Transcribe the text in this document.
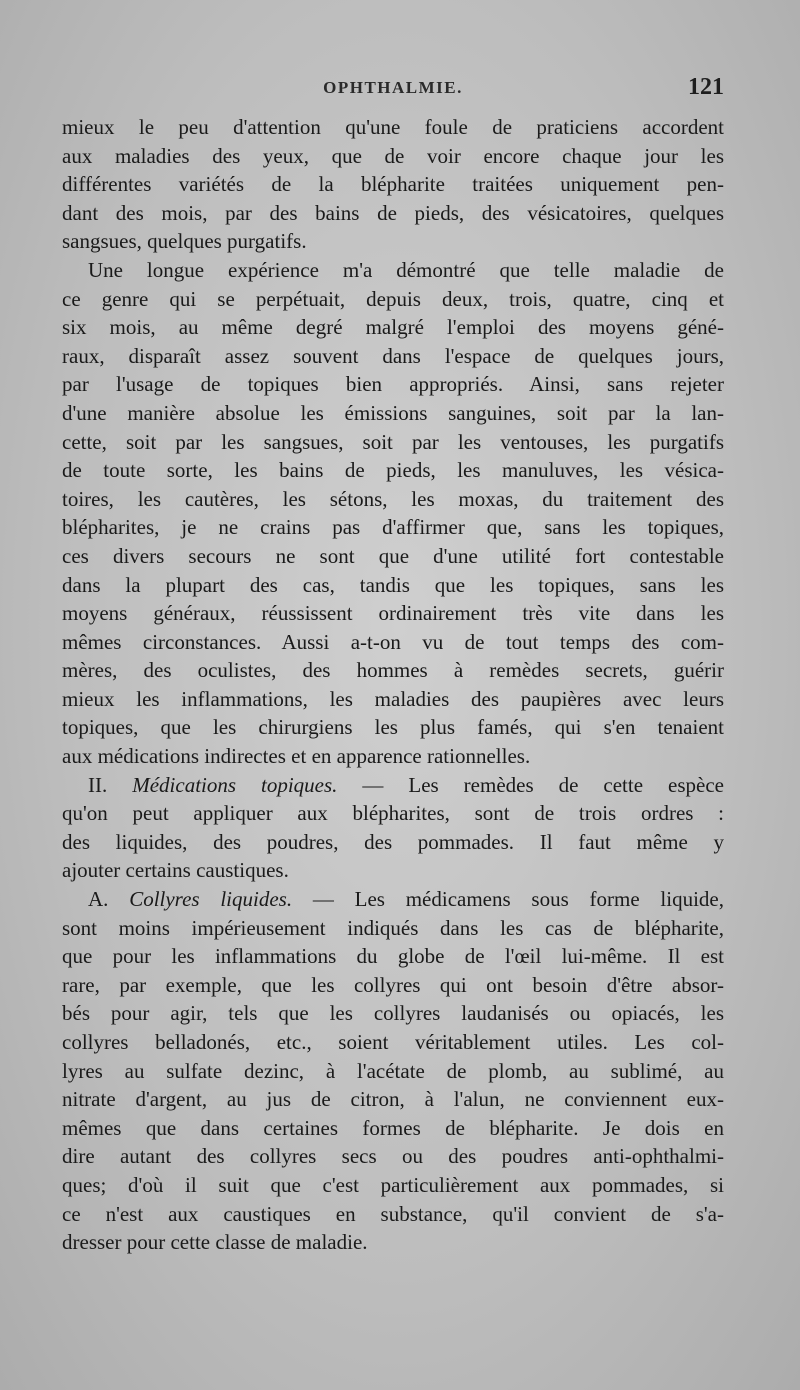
OPHTHALMIE.	121
mieux le peu d'attention qu'une foule de praticiens accordent
aux maladies des yeux, que de voir encore chaque jour les
différentes variétés de la blépharite traitées uniquement pen-
dant des mois, par des bains de pieds, des vésicatoires, quelques
sangsues, quelques purgatifs.
Une longue expérience m'a démontré que telle maladie de
ce genre qui se perpétuait, depuis deux, trois, quatre, cinq et
six mois, au même degré malgré l'emploi des moyens géné-
raux, disparaît assez souvent dans l'espace de quelques jours,
par l'usage de topiques bien appropriés. Ainsi, sans rejeter
d'une manière absolue les émissions sanguines, soit par la lan-
cette, soit par les sangsues, soit par les ventouses, les purgatifs
de toute sorte, les bains de pieds, les manuluves, les vésica-
toires, les cautères, les sétons, les moxas, du traitement des
blépharites, je ne crains pas d'affirmer que, sans les topiques,
ces divers secours ne sont que d'une utilité fort contestable
dans la plupart des cas, tandis que les topiques, sans les
moyens généraux, réussissent ordinairement très vite dans les
mêmes circonstances. Aussi a-t-on vu de tout temps des com-
mères, des oculistes, des hommes à remèdes secrets, guérir
mieux les inflammations, les maladies des paupières avec leurs
topiques, que les chirurgiens les plus famés, qui s'en tenaient
aux médications indirectes et en apparence rationnelles.
II. Médications topiques. — Les remèdes de cette espèce
qu'on peut appliquer aux blépharites, sont de trois ordres :
des liquides, des poudres, des pommades. Il faut même y
ajouter certains caustiques.
A. Collyres liquides. — Les médicamens sous forme liquide,
sont moins impérieusement indiqués dans les cas de blépharite,
que pour les inflammations du globe de l'œil lui-même. Il est
rare, par exemple, que les collyres qui ont besoin d'être absor-
bés pour agir, tels que les collyres laudanisés ou opiacés, les
collyres belladonés, etc., soient véritablement utiles. Les col-
lyres au sulfate dezinc, à l'acétate de plomb, au sublimé, au
nitrate d'argent, au jus de citron, à l'alun, ne conviennent eux-
mêmes que dans certaines formes de blépharite. Je dois en
dire autant des collyres secs ou des poudres anti-ophthalmi-
ques; d'où il suit que c'est particulièrement aux pommades, si
ce n'est aux caustiques en substance, qu'il convient de s'a-
dresser pour cette classe de maladie.
